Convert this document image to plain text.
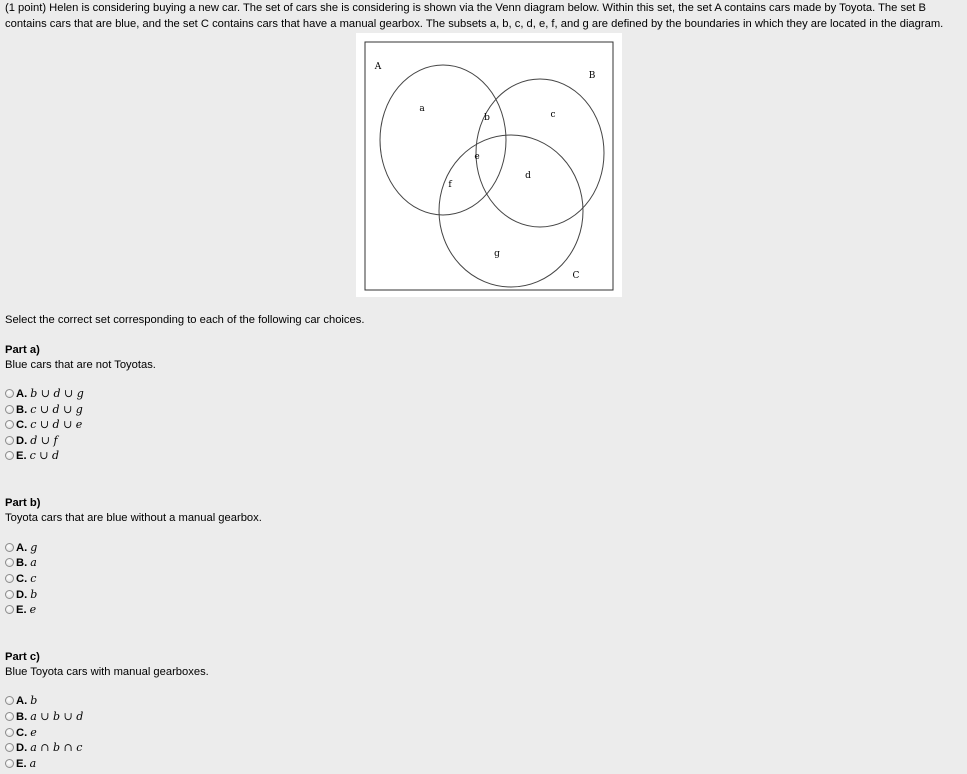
(1 point) Helen is considering buying a new car. The set of cars she is considering is shown via the Venn diagram below. Within this set, the set A contains cars made by Toyota. The set B contains cars that are blue, and the set C contains cars that have a manual gearbox. The subsets a, b, c, d, e, f, and g are defined by the boundaries in which they are located in the diagram.

A
B
C
a
b	c
d
e
f
g

Select the correct set corresponding to each of the following car choices.

Part a)

Blue cars that are not Toyotas.

A. b ∪ d ∪ g
B. c ∪ d ∪ g
C. c ∪ d ∪ e
D. d ∪ f
E. c ∪ d

Part b)

Toyota cars that are blue without a manual gearbox.

A. g
B. a
C. c
D. b
E. e

Part c)

Blue Toyota cars with manual gearboxes.

A. b
B. a ∪ b ∪ d
C. e
D. a ∩ b ∩ c
E. a
